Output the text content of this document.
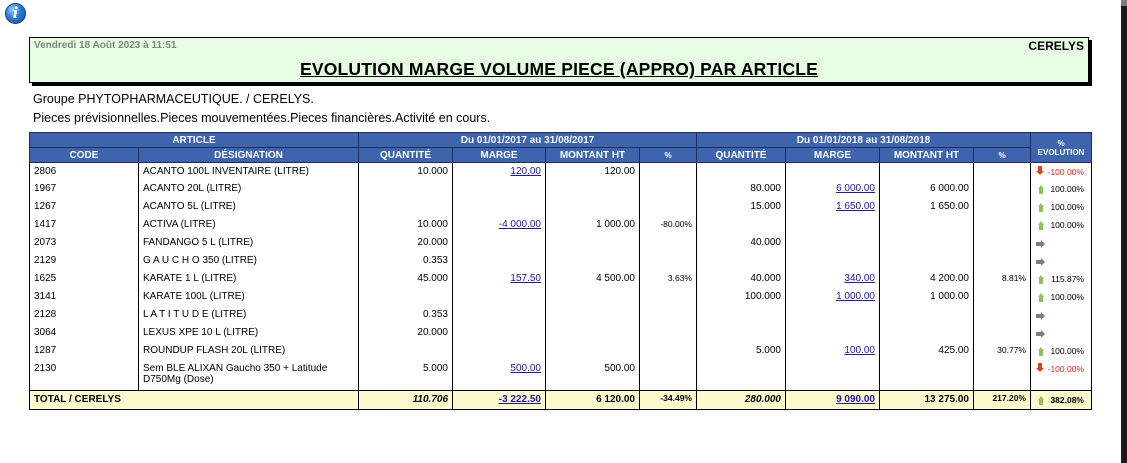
i
Vendredi 18 Août 2023 à 11:51	CERELYS
EVOLUTION MARGE VOLUME PIECE (APPRO) PAR ARTICLE
Groupe PHYTOPHARMACEUTIQUE. / CERELYS.
Pieces prévisionnelles.Pieces mouvementées.Pieces financières.Activité en cours.
ARTICLE		Du 01/01/2017 au 31/08/2017				Du 01/01/2018 au 31/08/2018				%
EVOLUTION

CODE	DÉSIGNATION	QUANTITÉ	MARGE	MONTANT HT	%	QUANTITÉ	MARGE	MONTANT HT	%	
2806	ACANTO 100L INVENTAIRE (LITRE)	10.000	120.00	120.00						-100.00%

1967	ACANTO 20L (LITRE)					80.000	6 000.00	6 000.00		100.00%

1267	ACANTO 5L (LITRE)					15.000	1 650.00	1 650.00		100.00%

1417	ACTIVA (LITRE)	10.000	-4 000.00	1 000.00	-80.00%					100.00%

2073	FANDANGO 5 L (LITRE)	20.000				40.000				

2129	G A U C H O 350 (LITRE)	0.353								

1625	KARATE 1 L (LITRE)	45.000	157.50	4 500.00	3.63%	40.000	340.00	4 200.00	8.81%	115.87%

3141	KARATE 100L (LITRE)					100.000	1 000.00	1 000.00		100.00%

2128	L A T I T U D E (LITRE)	0.353								

3064	LEXUS XPE 10 L (LITRE)	20.000								

1287	ROUNDUP FLASH 20L (LITRE)					5.000	100.00	425.00	30.77%	100.00%

2130	Sem BLE ALIXAN Gaucho 350 + Latitude D750Mg (Dose)	5.000	500.00	500.00						-100.00%

TOTAL / CERELYS		110.706	-3 222.50	6 120.00	-34.49%	280.000	9 090.00	13 275.00	217.20%	382.08%
